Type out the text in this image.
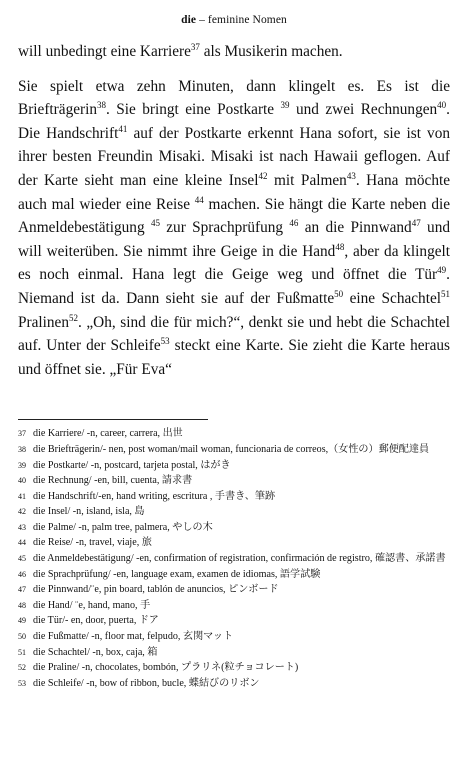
die – feminine Nomen

will unbedingt eine Karriere$^{37}$ als Musikerin machen.

Sie spielt etwa zehn Minuten, dann klingelt es. Es ist die Briefträgerin$^{38}$. Sie bringt eine Postkarte $^{39}$ und zwei Rechnungen$^{40}$. Die Handschrift$^{41}$ auf der Postkarte erkennt Hana sofort, sie ist von ihrer besten Freundin Misaki. Misaki ist nach Hawaii geflogen. Auf der Karte sieht man eine kleine Insel$^{42}$ mit Palmen$^{43}$. Hana möchte auch mal wieder eine Reise $^{44}$ machen. Sie hängt die Karte neben die Anmeldebestätigung $^{45}$ zur Sprachprüfung $^{46}$ an die Pinnwand$^{47}$ und will weiterüben. Sie nimmt ihre Geige in die Hand$^{48}$, aber da klingelt es noch einmal. Hana legt die Geige weg und öffnet die Tür$^{49}$. Niemand ist da. Dann sieht sie auf der Fußmatte$^{50}$ eine Schachtel$^{51}$ Pralinen$^{52}$. „Oh, sind die für mich?“, denkt sie und hebt die Schachtel auf. Unter der Schleife$^{53}$ steckt eine Karte. Sie zieht die Karte heraus und öffnet sie. „Für Eva“

37 die Karriere/ -n, career, carrera, 出世
38 die Briefträgerin/- nen, post woman/mail woman, funcionaria de correos,（女性の）郵便配達員
39 die Postkarte/ -n, postcard, tarjeta postal, はがき
40 die Rechnung/ -en, bill, cuenta, 請求書
41 die Handschrift/-en, hand writing, escritura , 手書き、筆跡
42 die Insel/ -n, island, isla, 島
43 die Palme/ -n, palm tree, palmera, やしの木
44 die Reise/ -n, travel, viaje, 旅
45 die Anmeldebestätigung/ -en, confirmation of registration, confirmación de registro, 確認書、承諾書
46 die Sprachprüfung/ -en, language exam, examen de idiomas, 語学試験
47 die Pinnwand/¨e, pin board, tablón de anuncios, ピンボード
48 die Hand/ ¨e, hand, mano, 手
49 die Tür/- en, door, puerta, ドア
50 die Fußmatte/ -n, floor mat, felpudo, 玄関マット
51 die Schachtel/ -n, box, caja, 箱
52 die Praline/ -n, chocolates, bombón, プラリネ(粒チョコレート)
53 die Schleife/ -n, bow of ribbon, bucle, 蝶結びのリボン
